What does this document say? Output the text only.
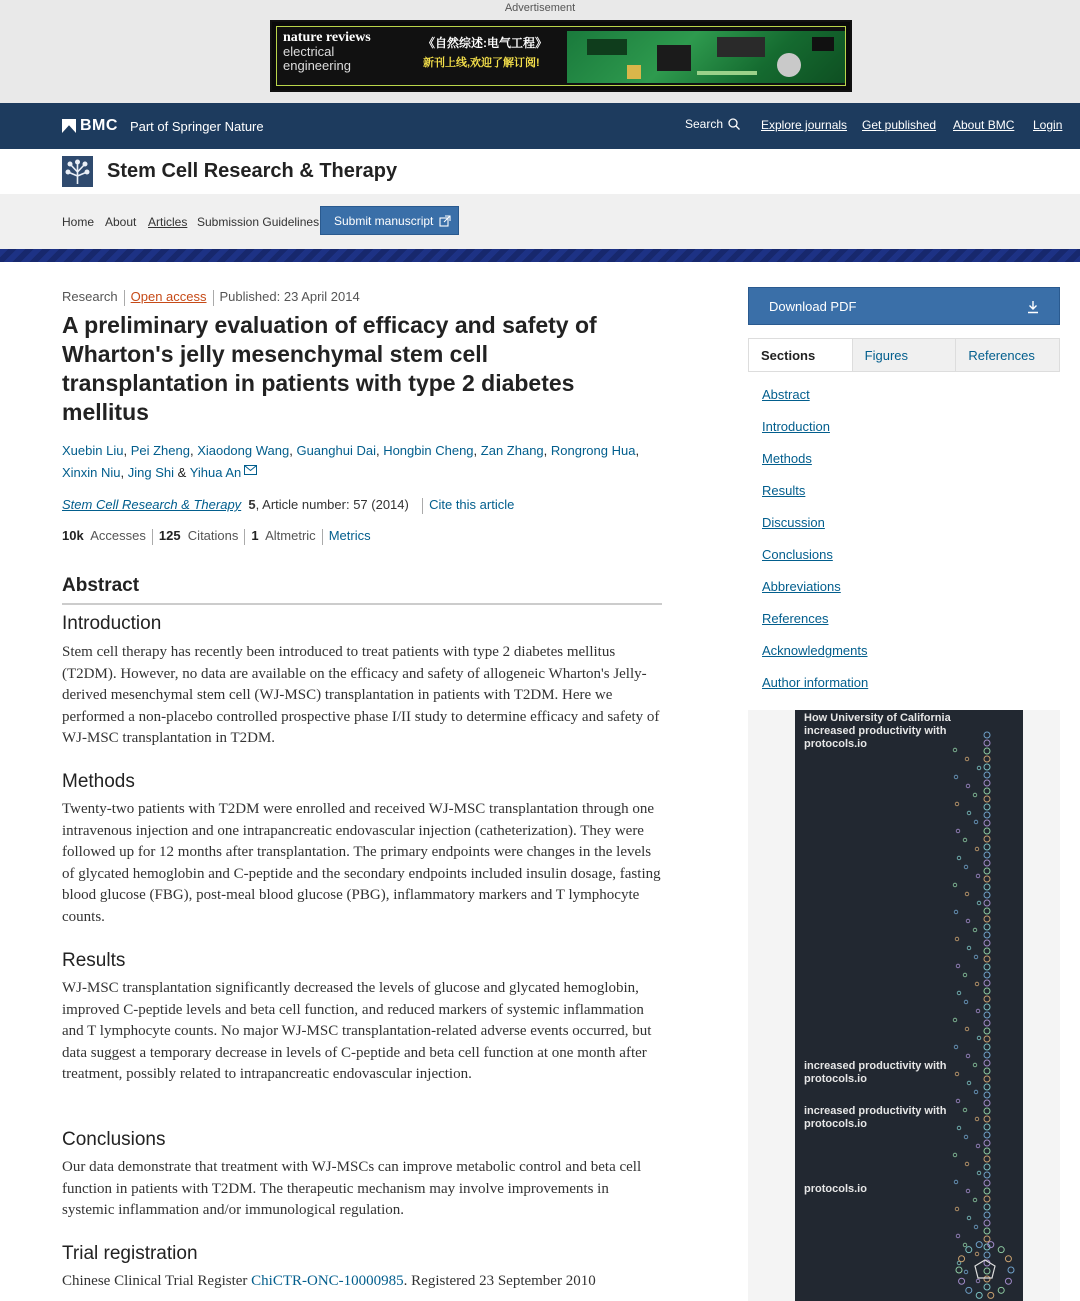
Advertisement
nature reviews
electrical
engineering
《自然综述:电气工程》
新刊上线,欢迎了解订阅!
BMC Part of Springer Nature	Search	Explore journals Get published About BMC Login
Stem Cell Research & Therapy
Home About Articles Submission Guidelines Submit manuscript
Research Open access Published: 23 April 2014
A preliminary evaluation of efficacy and safety of Wharton's jelly mesenchymal stem cell transplantation in patients with type 2 diabetes mellitus
Xuebin Liu, Pei Zheng, Xiaodong Wang, Guanghui Dai, Hongbin Cheng, Zan Zhang, Rongrong Hua, Xinxin Niu, Jing Shi & Yihua An
Stem Cell Research & Therapy 5, Article number: 57 (2014) Cite this article
10k Accesses 125 Citations 1 Altmetric Metrics
Abstract
Introduction

Stem cell therapy has recently been introduced to treat patients with type 2 diabetes mellitus (T2DM). However, no data are available on the efficacy and safety of allogeneic Wharton's Jelly-derived mesenchymal stem cell (WJ-MSC) transplantation in patients with T2DM. Here we performed a non-placebo controlled prospective phase I/II study to determine efficacy and safety of WJ-MSC transplantation in T2DM.

Methods

Twenty-two patients with T2DM were enrolled and received WJ-MSC transplantation through one intravenous injection and one intrapancreatic endovascular injection (catheterization). They were followed up for 12 months after transplantation. The primary endpoints were changes in the levels of glycated hemoglobin and C-peptide and the secondary endpoints included insulin dosage, fasting blood glucose (FBG), post-meal blood glucose (PBG), inflammatory markers and T lymphocyte counts.

Results

WJ-MSC transplantation significantly decreased the levels of glucose and glycated hemoglobin, improved C-peptide levels and beta cell function, and reduced markers of systemic inflammation and T lymphocyte counts. No major WJ-MSC transplantation-related adverse events occurred, but data suggest a temporary decrease in levels of C-peptide and beta cell function at one month after treatment, possibly related to intrapancreatic endovascular injection.

Conclusions

Our data demonstrate that treatment with WJ-MSCs can improve metabolic control and beta cell function in patients with T2DM. The therapeutic mechanism may involve improvements in systemic inflammation and/or immunological regulation.

Trial registration

Chinese Clinical Trial Register ChiCTR-ONC-10000985. Registered 23 September 2010

Download PDF
Sections	Figures	References
Abstract
Introduction
Methods
Results
Discussion
Conclusions
Abbreviations
References
Acknowledgments
Author information
How University of California
increased productivity with
protocols.io
increased productivity with
protocols.io
increased productivity with
protocols.io
protocols.io
